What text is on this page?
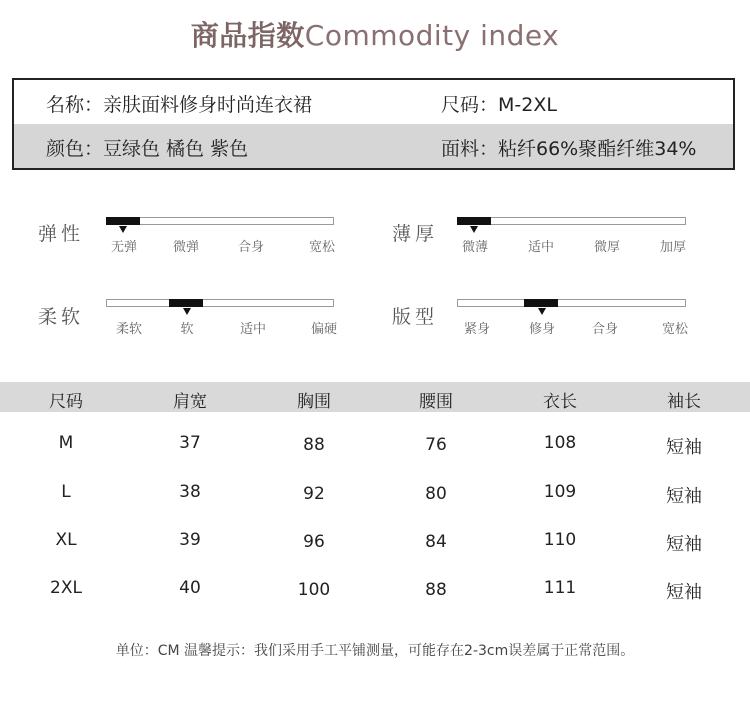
商品指数Commodity index
名称：亲肤面料修身时尚连衣裙	尺码：M-2XL
颜色：豆绿色 橘色 紫色	面料：粘纤66%聚酯纤维34%
弹性
无弹	微弹	合身	宽松
薄厚
微薄	适中	微厚	加厚
柔软
柔软	软	适中	偏硬
版型
紧身	修身	合身	宽松
尺码	肩宽	胸围	腰围	衣长	袖长
M	37	88	76	108	短袖
L	38	92	80	109	短袖
XL	39	96	84	110	短袖
2XL	40	100	88	111	短袖
单位：CM 温馨提示：我们采用手工平铺测量，可能存在2-3cm误差属于正常范围。
